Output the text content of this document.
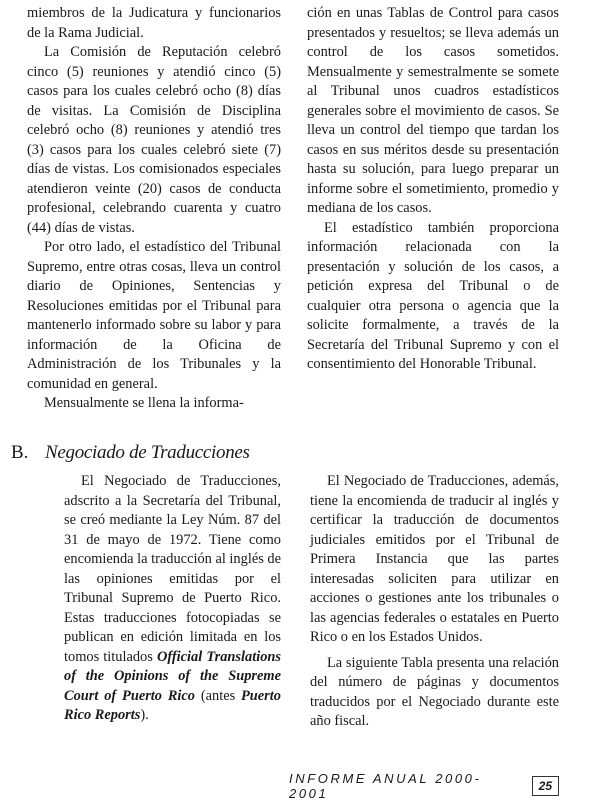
miembros de la Judicatura y funcionarios de la Rama Judicial.

La Comisión de Reputación celebró cinco (5) reuniones y atendió cinco (5) casos para los cuales celebró ocho (8) días de visitas. La Comisión de Disciplina celebró ocho (8) reuniones y atendió tres (3) casos para los cuales celebró siete (7) días de vistas. Los comisionados especiales atendieron veinte (20) casos de conducta profesional, celebrando cuarenta y cuatro (44) días de vistas.

Por otro lado, el estadístico del Tribunal Supremo, entre otras cosas, lleva un control diario de Opiniones, Sentencias y Resoluciones emitidas por el Tribunal para mantenerlo informado sobre su labor y para información de la Oficina de Administración de los Tribunales y la comunidad en general.

Mensualmente se llena la informa-

ción en unas Tablas de Control para casos presentados y resueltos; se lleva además un control de los casos sometidos. Mensualmente y semestralmente se somete al Tribunal unos cuadros estadísticos generales sobre el movimiento de casos. Se lleva un control del tiempo que tardan los casos en sus méritos desde su presentación hasta su solución, para luego preparar un informe sobre el sometimiento, promedio y mediana de los casos.

El estadístico también proporciona información relacionada con la presentación y solución de los casos, a petición expresa del Tribunal o de cualquier otra persona o agencia que la solicite formalmente, a través de la Secretaría del Tribunal Supremo y con el consentimiento del Honorable Tribunal.

B. Negociado de Traducciones

El Negociado de Traducciones, adscrito a la Secretaría del Tribunal, se creó mediante la Ley Núm. 87 del 31 de mayo de 1972. Tiene como encomienda la traducción al inglés de las opiniones emitidas por el Tribunal Supremo de Puerto Rico. Estas traducciones fotocopiadas se publican en edición limitada en los tomos titulados Official Translations of the Opinions of the Supreme Court of Puerto Rico (antes Puerto Rico Reports).

El Negociado de Traducciones, además, tiene la encomienda de traducir al inglés y certificar la traducción de documentos judiciales emitidos por el Tribunal de Primera Instancia que las partes interesadas soliciten para utilizar en acciones o gestiones ante los tribunales o las agencias federales o estatales en Puerto Rico o en los Estados Unidos.

La siguiente Tabla presenta una relación del número de páginas y documentos traducidos por el Negociado durante este año fiscal.

INFORME ANUAL 2000-2001	25
